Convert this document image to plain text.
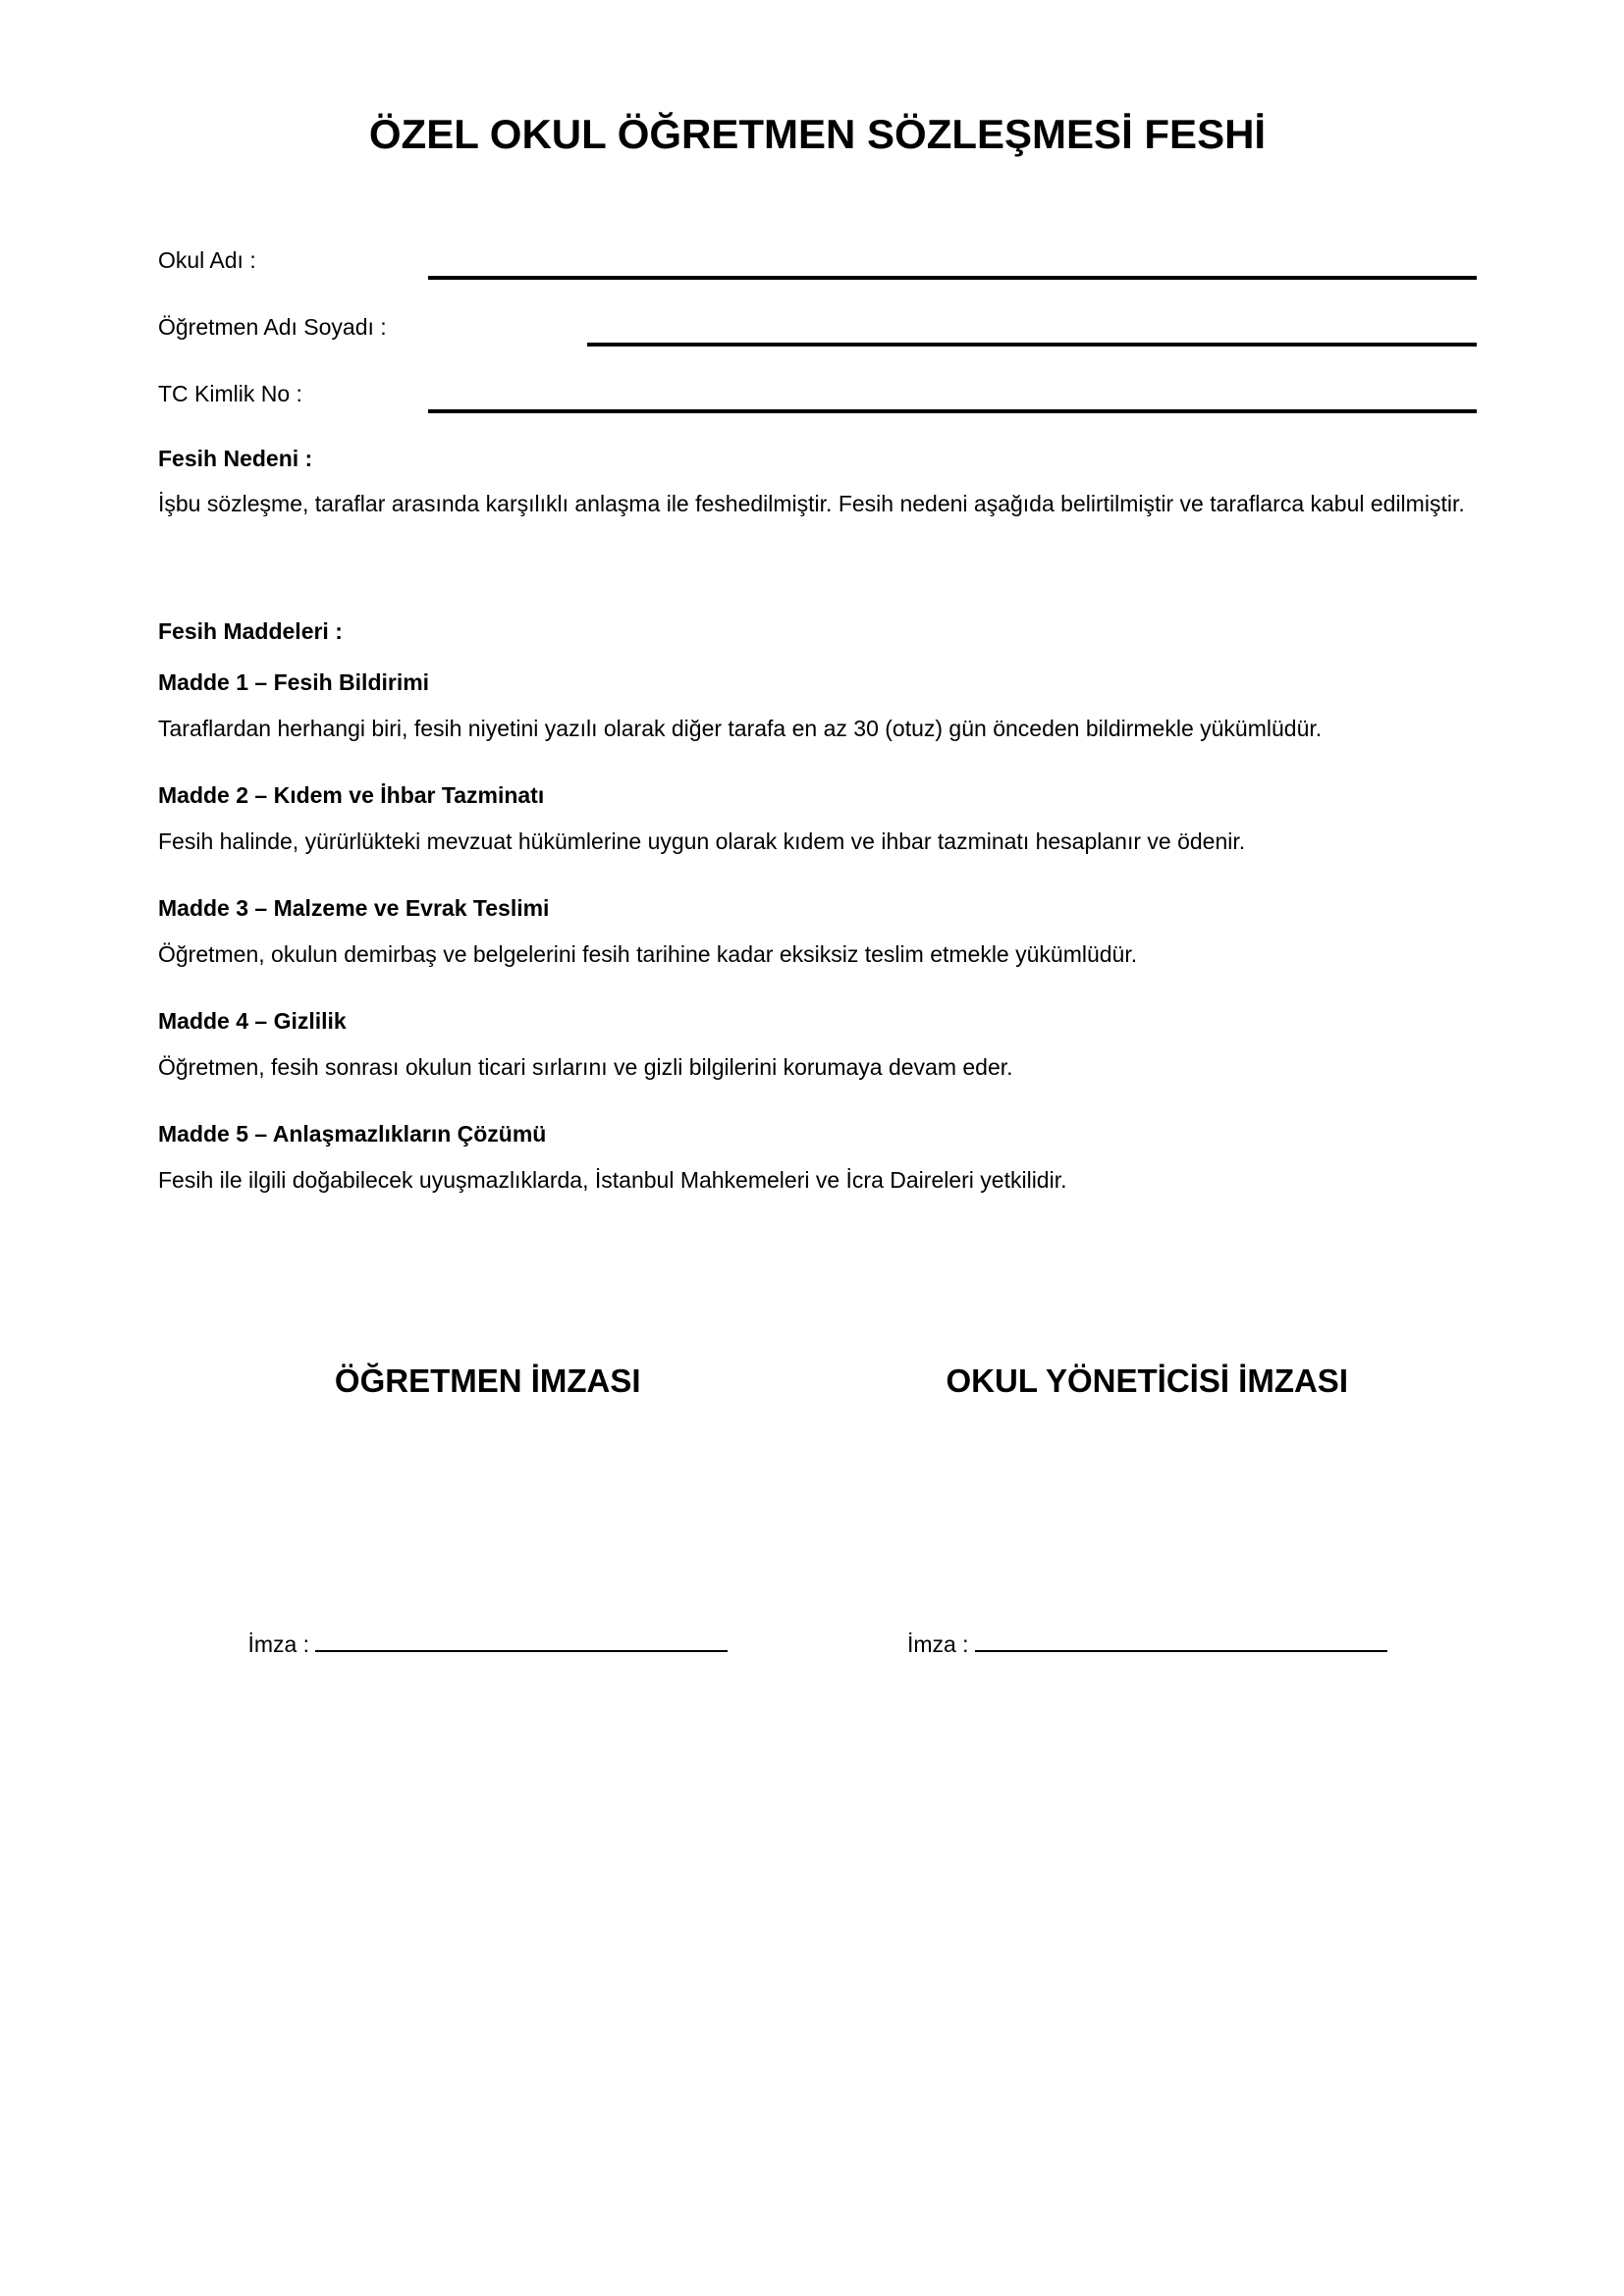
ÖZEL OKUL ÖĞRETMEN SÖZLEŞMESİ FESHİ
Okul Adı :
Öğretmen Adı Soyadı :
TC Kimlik No :

Fesih Nedeni :

İşbu sözleşme, taraflar arasında karşılıklı anlaşma ile feshedilmiştir. Fesih nedeni aşağıda belirtilmiştir ve taraflarca kabul edilmiştir.

Fesih Maddeleri :

Madde 1 – Fesih Bildirimi

Taraflardan herhangi biri, fesih niyetini yazılı olarak diğer tarafa en az 30 (otuz) gün önceden bildirmekle yükümlüdür.

Madde 2 – Kıdem ve İhbar Tazminatı

Fesih halinde, yürürlükteki mevzuat hükümlerine uygun olarak kıdem ve ihbar tazminatı hesaplanır ve ödenir.

Madde 3 – Malzeme ve Evrak Teslimi

Öğretmen, okulun demirbaş ve belgelerini fesih tarihine kadar eksiksiz teslim etmekle yükümlüdür.

Madde 4 – Gizlilik

Öğretmen, fesih sonrası okulun ticari sırlarını ve gizli bilgilerini korumaya devam eder.

Madde 5 – Anlaşmazlıkların Çözümü

Fesih ile ilgili doğabilecek uyuşmazlıklarda, İstanbul Mahkemeleri ve İcra Daireleri yetkilidir.

ÖĞRETMEN İMZASI	OKUL YÖNETİCİSİ İMZASI
İmza :	İmza :
